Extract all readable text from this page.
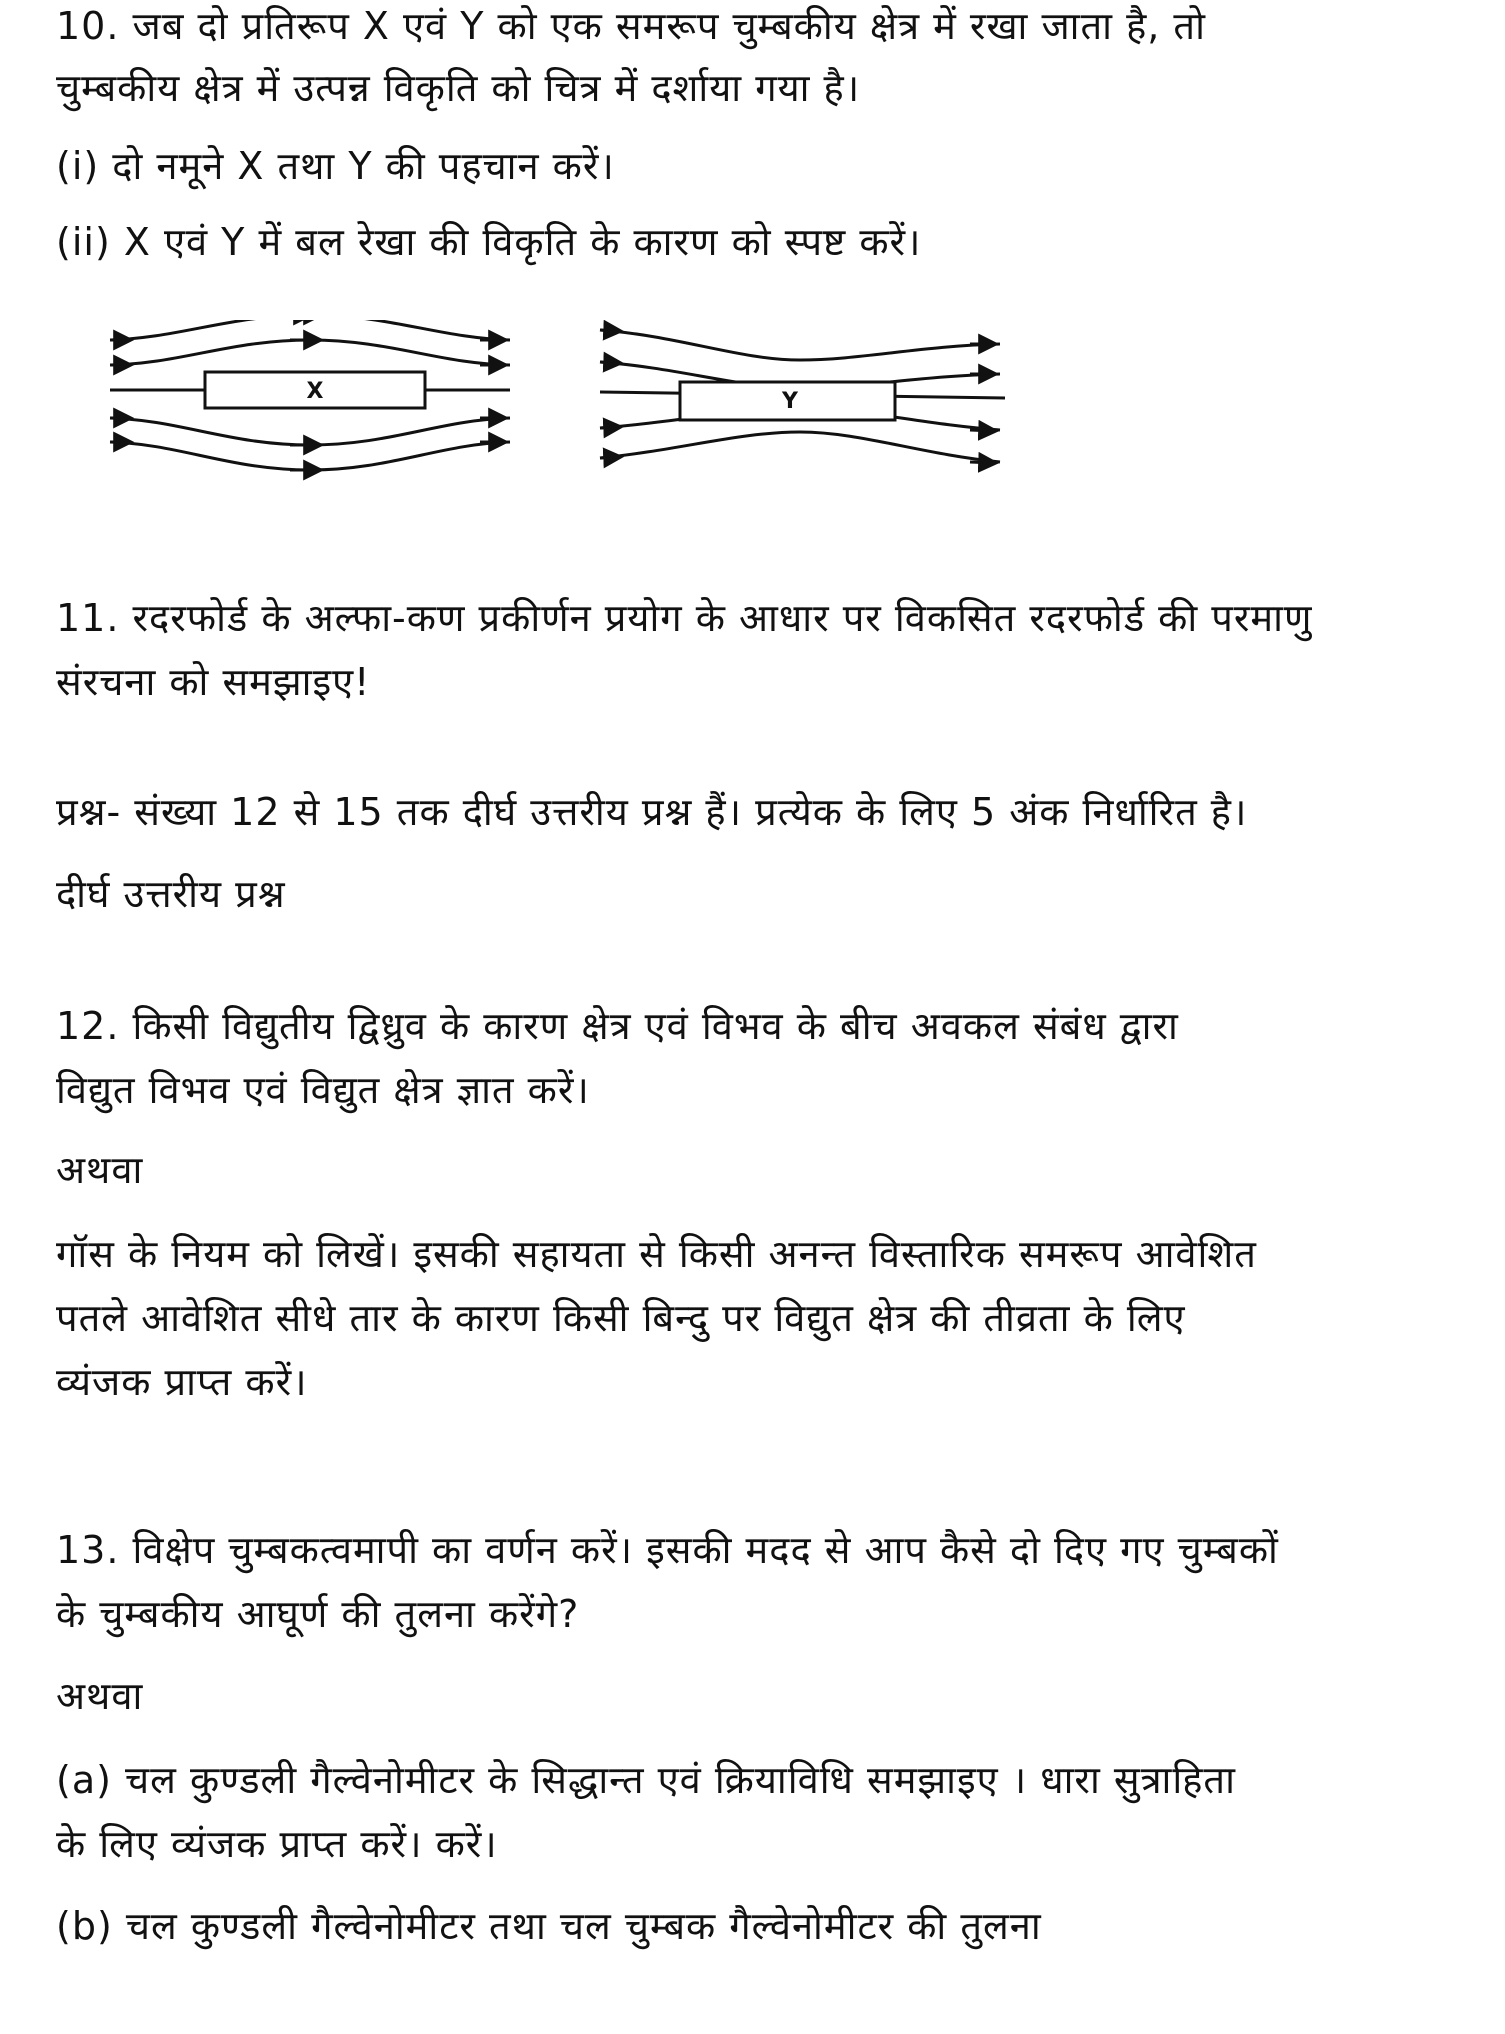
10. जब दो प्रतिरूप X एवं Y को एक समरूप चुम्बकीय क्षेत्र में रखा जाता है, तो
चुम्बकीय क्षेत्र में उत्पन्न विकृति को चित्र में दर्शाया गया है।
(i) दो नमूने X तथा Y की पहचान करें।
(ii) X एवं Y में बल रेखा की विकृति के कारण को स्पष्ट करें।
X	Y
11. रदरफोर्ड के अल्फा-कण प्रकीर्णन प्रयोग के आधार पर विकसित रदरफोर्ड की परमाणु
संरचना को समझाइए!
प्रश्न- संख्या 12 से 15 तक दीर्घ उत्तरीय प्रश्न हैं। प्रत्येक के लिए 5 अंक निर्धारित है।
दीर्घ उत्तरीय प्रश्न
12. किसी विद्युतीय द्विध्रुव के कारण क्षेत्र एवं विभव के बीच अवकल संबंध द्वारा
विद्युत विभव एवं विद्युत क्षेत्र ज्ञात करें।
अथवा
गॉस के नियम को लिखें। इसकी सहायता से किसी अनन्त विस्तारिक समरूप आवेशित
पतले आवेशित सीधे तार के कारण किसी बिन्दु पर विद्युत क्षेत्र की तीव्रता के लिए
व्यंजक प्राप्त करें।
13. विक्षेप चुम्बकत्वमापी का वर्णन करें। इसकी मदद से आप कैसे दो दिए गए चुम्बकों
के चुम्बकीय आघूर्ण की तुलना करेंगे?
अथवा
(a) चल कुण्डली गैल्वेनोमीटर के सिद्धान्त एवं क्रियाविधि समझाइए । धारा सुत्राहिता
के लिए व्यंजक प्राप्त करें। करें।
(b) चल कुण्डली गैल्वेनोमीटर तथा चल चुम्बक गैल्वेनोमीटर की तुलना
